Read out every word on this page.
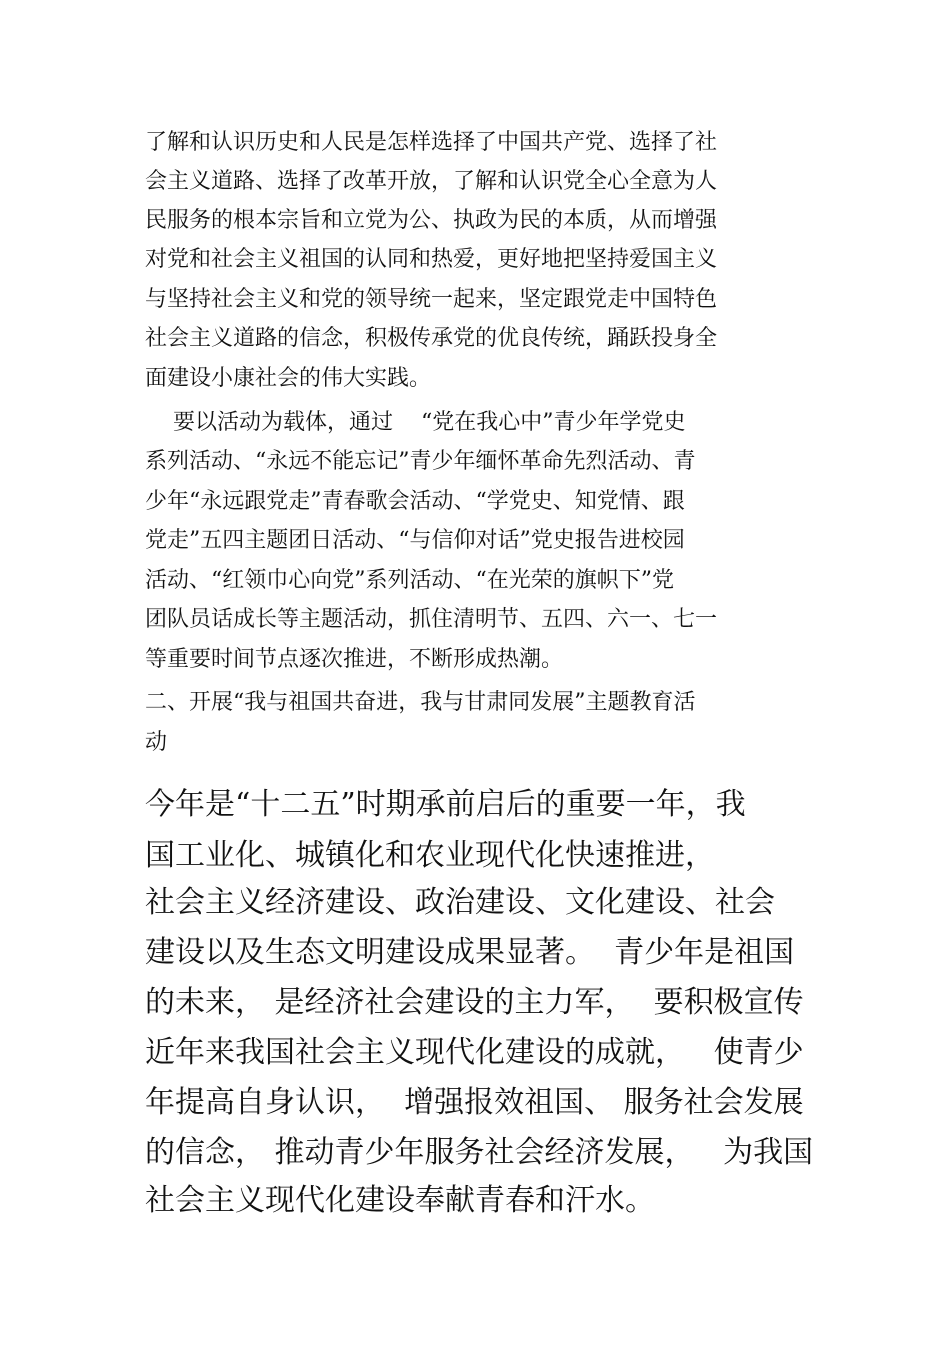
了解和认识历史和人民是怎样选择了中国共产党、选择了社

会主义道路、选择了改革开放，了解和认识党全心全意为人

民服务的根本宗旨和立党为公、执政为民的本质，从而增强

对党和社会主义祖国的认同和热爱，更好地把坚持爱国主义

与坚持社会主义和党的领导统一起来，坚定跟党走中国特色

社会主义道路的信念，积极传承党的优良传统，踊跃投身全

面建设小康社会的伟大实践。

要以活动为载体，通过    “党在我心中”青少年学党史

系列活动、“永远不能忘记”青少年缅怀革命先烈活动、青

少年“永远跟党走”青春歌会活动、“学党史、知党情、跟

党走”五四主题团日活动、“与信仰对话”党史报告进校园

活动、“红领巾心向党”系列活动、“在光荣的旗帜下”党

团队员话成长等主题活动，抓住清明节、五四、六一、七一

等重要时间节点逐次推进，不断形成热潮。

二、开展“我与祖国共奋进，我与甘肃同发展”主题教育活

动

今年是“十二五”时期承前启后的重要一年，我

国工业化、城镇化和农业现代化快速推进，

社会主义经济建设、政治建设、文化建设、社会

建设以及生态文明建设成果显著。  青少年是祖国

的未来， 是经济社会建设的主力军，  要积极宣传

近年来我国社会主义现代化建设的成就，   使青少

年提高自身认识，  增强报效祖国、 服务社会发展

的信念， 推动青少年服务社会经济发展，   为我国

社会主义现代化建设奉献青春和汗水。
